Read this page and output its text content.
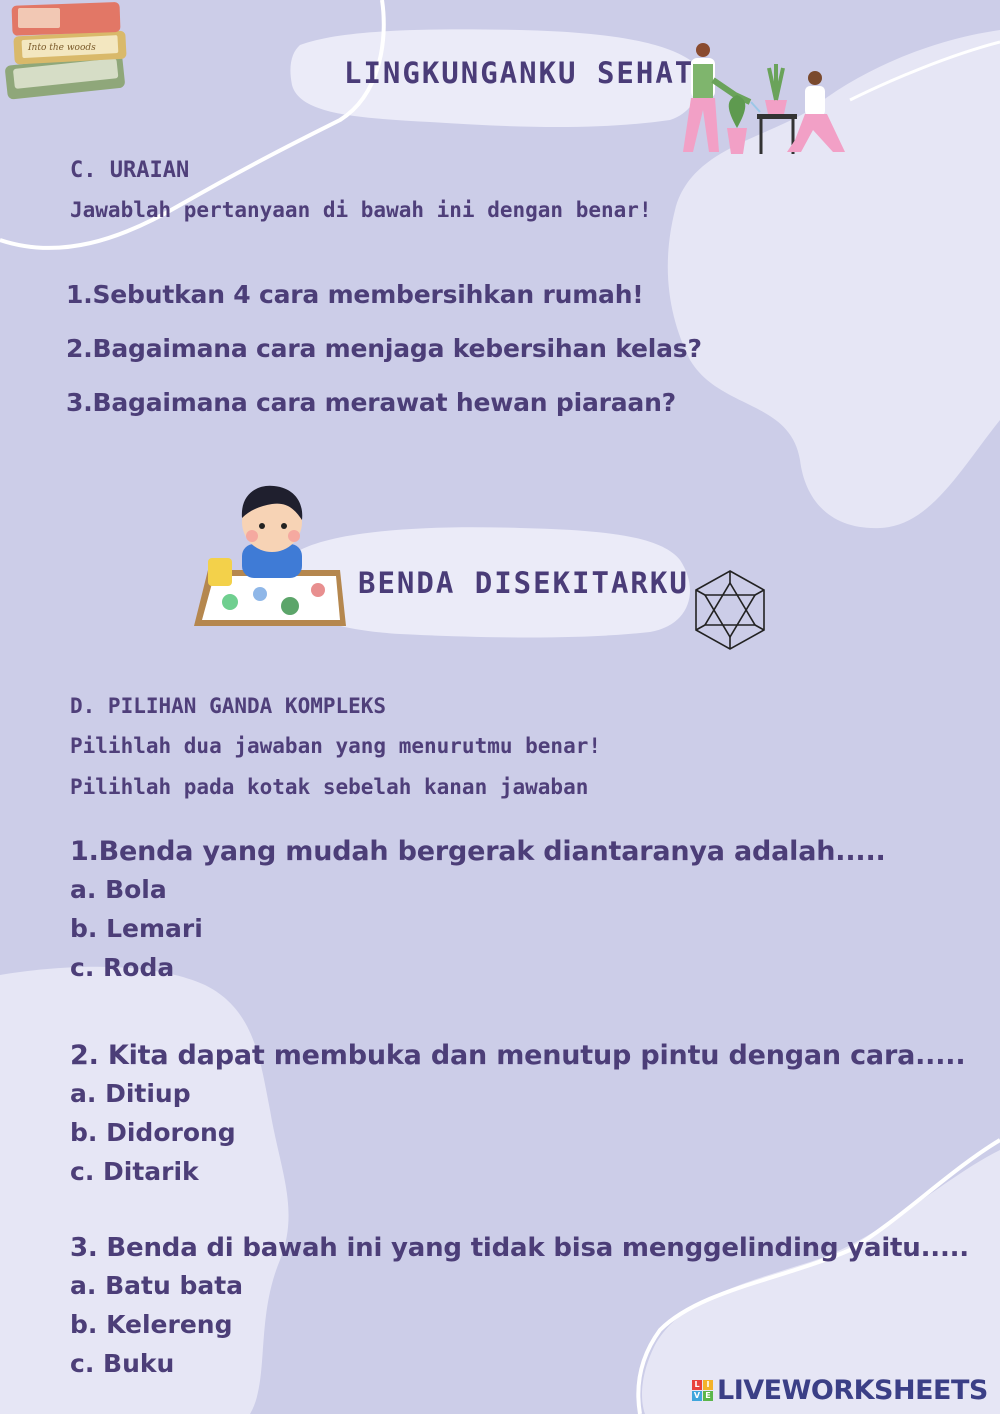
Into the woods
LINGKUNGANKU SEHAT
C. URAIAN
Jawablah pertanyaan di bawah ini dengan benar!
1.Sebutkan 4 cara membersihkan rumah!
2.Bagaimana cara menjaga kebersihan kelas?
3.Bagaimana cara merawat hewan piaraan?
BENDA DISEKITARKU
D. PILIHAN GANDA KOMPLEKS
Pilihlah dua jawaban yang menurutmu benar!
Pilihlah pada kotak sebelah kanan jawaban
1.Benda yang mudah bergerak diantaranya adalah.....
a. Bola
b. Lemari
c. Roda
2. Kita dapat membuka dan menutup pintu dengan cara.....
a. Ditiup
b. Didorong
c. Ditarik
3. Benda di bawah ini yang tidak bisa menggelinding yaitu.....
a. Batu bata
b. Kelereng
c. Buku
L I
V E LIVEWORKSHEETS
